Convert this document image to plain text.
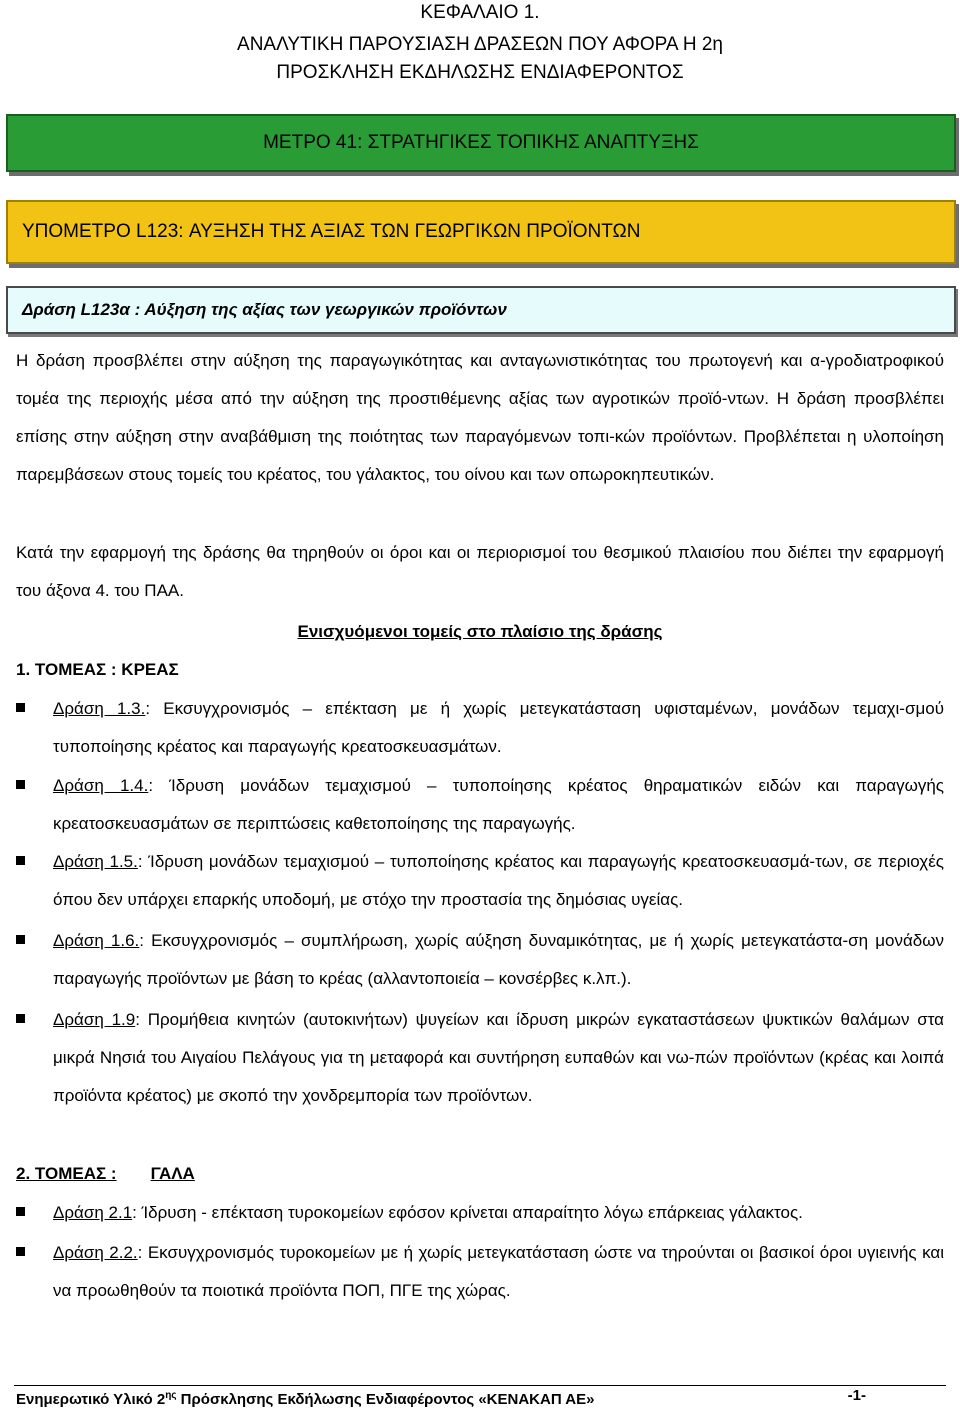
ΚΕΦΑΛΑΙΟ 1.
ΑΝΑΛΥΤΙΚΗ ΠΑΡΟΥΣΙΑΣΗ ΔΡΑΣΕΩΝ ΠΟΥ ΑΦΟΡΑ Η 2η
ΠΡΟΣΚΛΗΣΗ ΕΚΔΗΛΩΣΗΣ ΕΝΔΙΑΦΕΡΟΝΤΟΣ
ΜΕΤΡΟ 41: ΣΤΡΑΤΗΓΙΚΕΣ ΤΟΠΙΚΗΣ ΑΝΑΠΤΥΞΗΣ
ΥΠΟΜΕΤΡΟ L123: ΑΥΞΗΣΗ ΤΗΣ ΑΞΙΑΣ ΤΩΝ ΓΕΩΡΓΙΚΩΝ ΠΡΟΪΟΝΤΩΝ
Δράση L123α : Αύξηση της αξίας των γεωργικών προϊόντων
Η δράση προσβλέπει στην αύξηση της παραγωγικότητας και ανταγωνιστικότητας του πρωτογενή και α-γροδιατροφικού τομέα της περιοχής μέσα από την αύξηση της προστιθέμενης αξίας των αγροτικών προϊό-ντων. Η δράση προσβλέπει επίσης στην αύξηση στην αναβάθμιση της ποιότητας των παραγόμενων τοπι-κών προϊόντων. Προβλέπεται η υλοποίηση παρεμβάσεων στους τομείς του κρέατος, του γάλακτος, του οίνου και των οπωροκηπευτικών.
Κατά την εφαρμογή της δράσης θα τηρηθούν οι όροι και οι περιορισμοί του θεσμικού πλαισίου που διέπει την εφαρμογή του άξονα 4. του ΠΑΑ.
Ενισχυόμενοι τομείς στο πλαίσιο της δράσης
1. ΤΟΜΕΑΣ : ΚΡΕΑΣ
Δράση 1.3.: Εκσυγχρονισμός – επέκταση με ή χωρίς μετεγκατάσταση υφισταμένων, μονάδων τεμαχι-σμού τυποποίησης κρέατος και παραγωγής κρεατοσκευασμάτων.
Δράση 1.4.: Ίδρυση μονάδων τεμαχισμού – τυποποίησης κρέατος θηραματικών ειδών και παραγωγής κρεατοσκευασμάτων σε περιπτώσεις καθετοποίησης της παραγωγής.
Δράση 1.5.: Ίδρυση μονάδων τεμαχισμού – τυποποίησης κρέατος και παραγωγής κρεατοσκευασμά-των, σε περιοχές όπου δεν υπάρχει επαρκής υποδομή, με στόχο την προστασία της δημόσιας υγείας.
Δράση 1.6.: Εκσυγχρονισμός – συμπλήρωση, χωρίς αύξηση δυναμικότητας, με ή χωρίς μετεγκατάστα-ση μονάδων παραγωγής προϊόντων με βάση το κρέας (αλλαντοποιεία – κονσέρβες κ.λπ.).
Δράση 1.9: Προμήθεια κινητών (αυτοκινήτων) ψυγείων και ίδρυση μικρών εγκαταστάσεων ψυκτικών θαλάμων στα μικρά Νησιά του Αιγαίου Πελάγους για τη μεταφορά και συντήρηση ευπαθών και νω-πών προϊόντων (κρέας και λοιπά προϊόντα κρέατος) με σκοπό την χονδρεμπορία των προϊόντων.
2. ΤΟΜΕΑΣ : ΓΑΛΑ
Δράση 2.1: Ίδρυση - επέκταση τυροκομείων εφόσον κρίνεται απαραίτητο λόγω επάρκειας γάλακτος.
Δράση 2.2.: Εκσυγχρονισμός τυροκομείων με ή χωρίς μετεγκατάσταση ώστε να τηρούνται οι βασικοί όροι υγιεινής και να προωθηθούν τα ποιοτικά προϊόντα ΠΟΠ, ΠΓΕ της χώρας.
Ενημερωτικό Υλικό $2^{\eta\varsigma}$ Πρόσκλησης Εκδήλωσης Ενδιαφέροντος «ΚΕΝΑΚΑΠ ΑΕ»	-1-
